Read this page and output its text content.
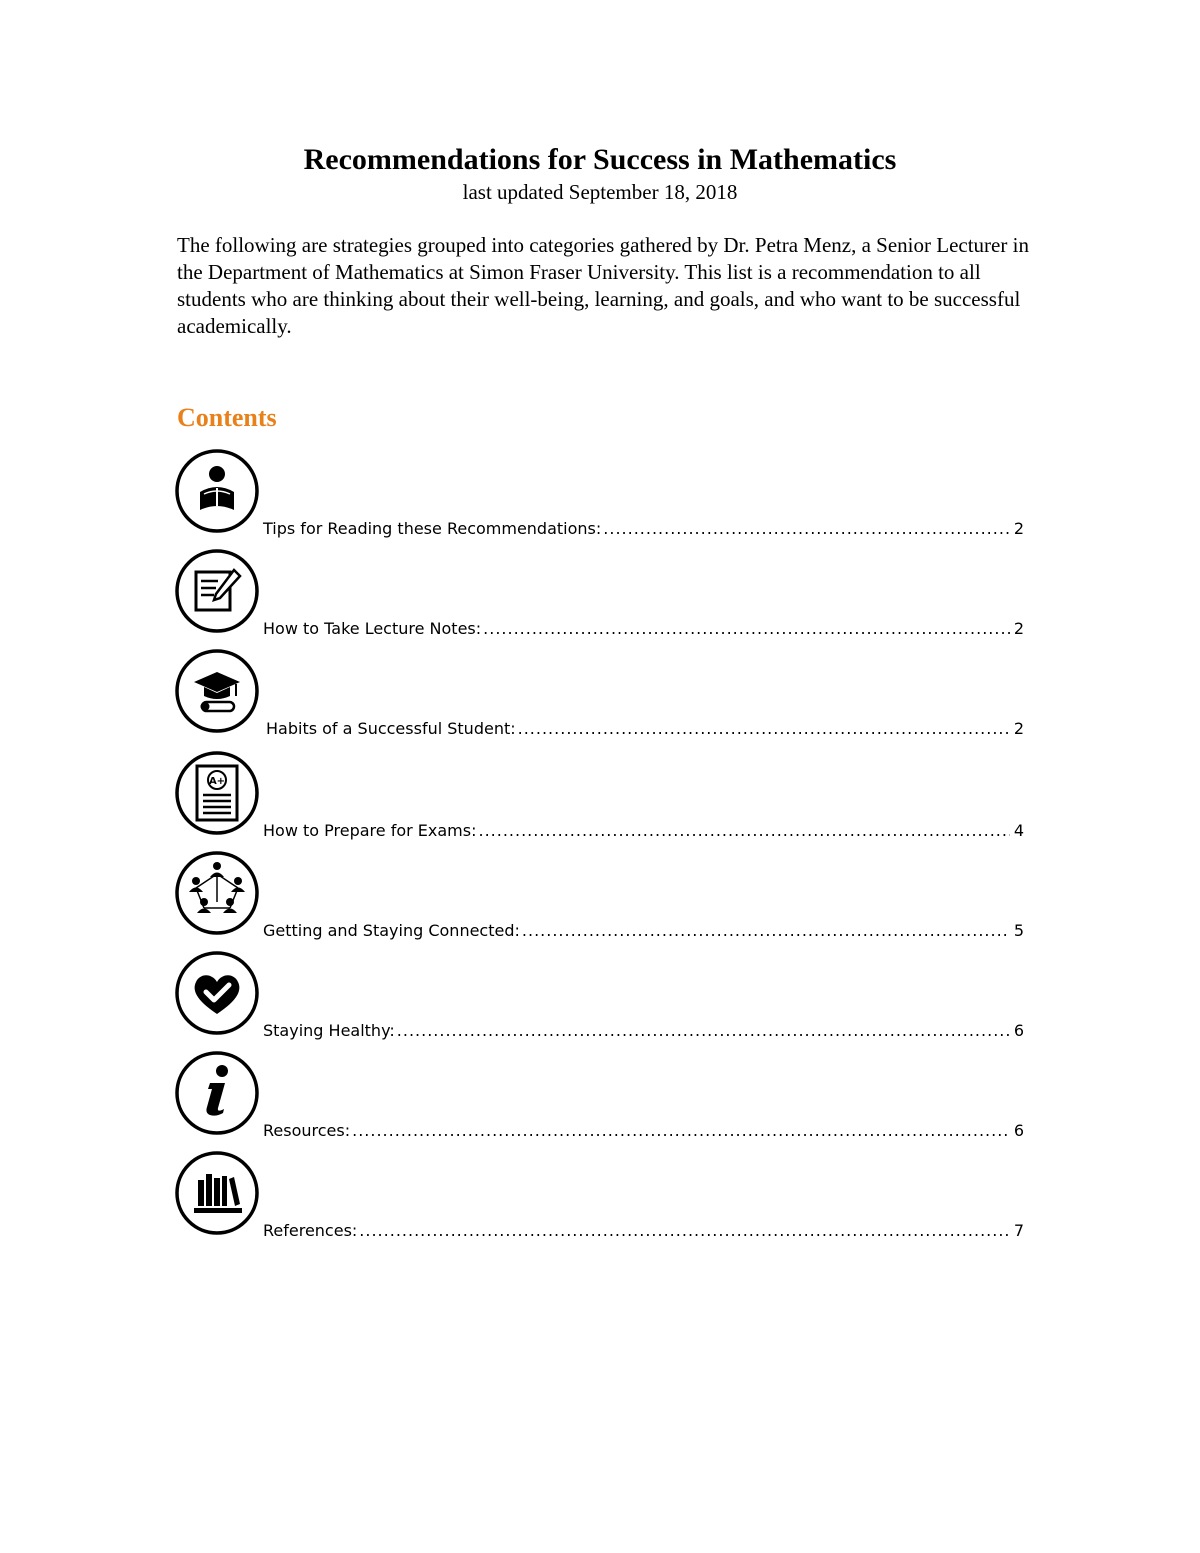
Recommendations for Success in Mathematics
last updated September 18, 2018

The following are strategies grouped into categories gathered by Dr. Petra Menz, a Senior Lecturer in the Department of Mathematics at Simon Fraser University. This list is a recommendation to all students who are thinking about their well-being, learning, and goals, and who want to be successful academically.

Contents
Tips for Reading these Recommendations: .....	2
How to Take Lecture Notes: .....	2
Habits of a Successful Student: .....	2
A+
How to Prepare for Exams: .....	4
Getting and Staying Connected: .....	5
Staying Healthy: .....	6
Resources: .....	6
References: .....	7
